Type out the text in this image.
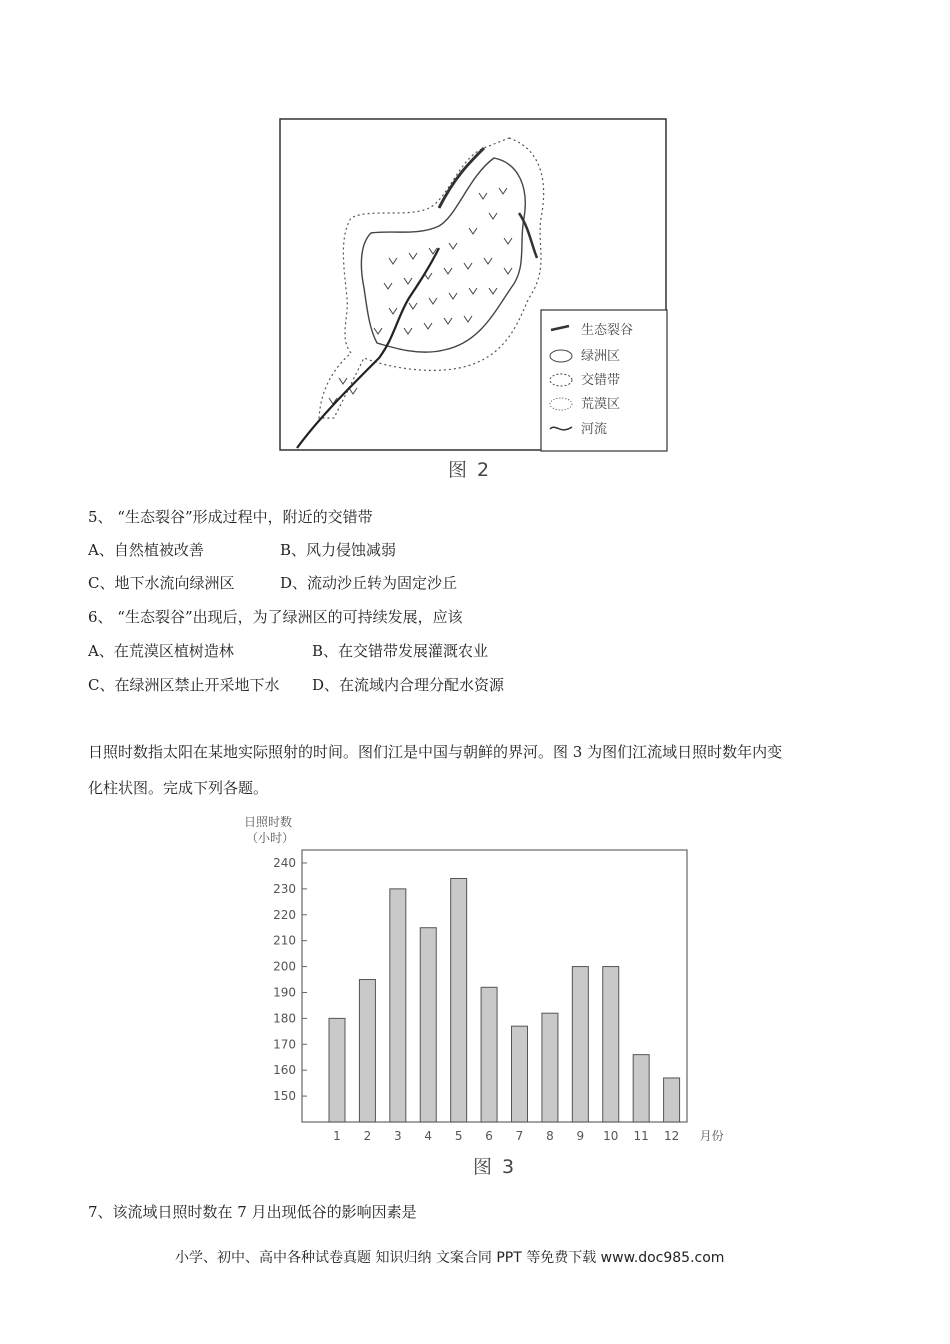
生态裂谷
绿洲区
交错带
荒漠区
河流
图 2
5、 “生态裂谷”形成过程中，附近的交错带
A、自然植被改善	B、风力侵蚀减弱
C、地下水流向绿洲区	D、流动沙丘转为固定沙丘
6、 “生态裂谷”出现后，为了绿洲区的可持续发展，应该
A、在荒漠区植树造林	B、在交错带发展灌溉农业
C、在绿洲区禁止开采地下水 D、在流域内合理分配水资源
日照时数指太阳在某地实际照射的时间。图们江是中国与朝鲜的界河。图 3 为图们江流域日照时数年内变
化柱状图。完成下列各题。
日照时数
（小时）
150
160
170
180
190
200
210
220
230
240
1 2 3 4 5 6 7 8 9 10 11 12 月份
图 3
7、该流域日照时数在 7 月出现低谷的影响因素是
小学、初中、高中各种试卷真题 知识归纳 文案合同 PPT 等免费下载 www.doc985.com
